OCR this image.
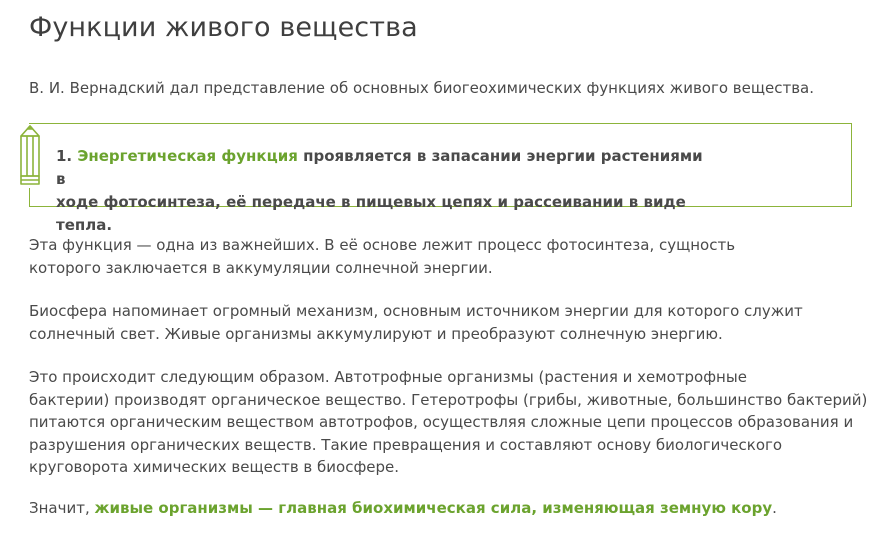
Функции живого вещества
В. И. Вернадский дал представление об основных биогеохимических функциях живого вещества.
1. Энергетическая функция проявляется в запасании энергии растениями в
ходе фотосинтеза, её передаче в пищевых цепях и рассеивании в виде тепла.
Эта функция — одна из важнейших. В её основе лежит процесс фотосинтеза, сущность
которого заключается в аккумуляции солнечной энергии.
Биосфера напоминает огромный механизм, основным источником энергии для которого служит
солнечный свет. Живые организмы аккумулируют и преобразуют солнечную энергию.
Это происходит следующим образом. Автотрофные организмы (растения и хемотрофные
бактерии) производят органическое вещество. Гетеротрофы (грибы, животные, большинство бактерий)
питаются органическим веществом автотрофов, осуществляя сложные цепи процессов образования и
разрушения органических веществ. Такие превращения и составляют основу биологического
круговорота химических веществ в биосфере.
Значит, живые организмы — главная биохимическая сила, изменяющая земную кору.
